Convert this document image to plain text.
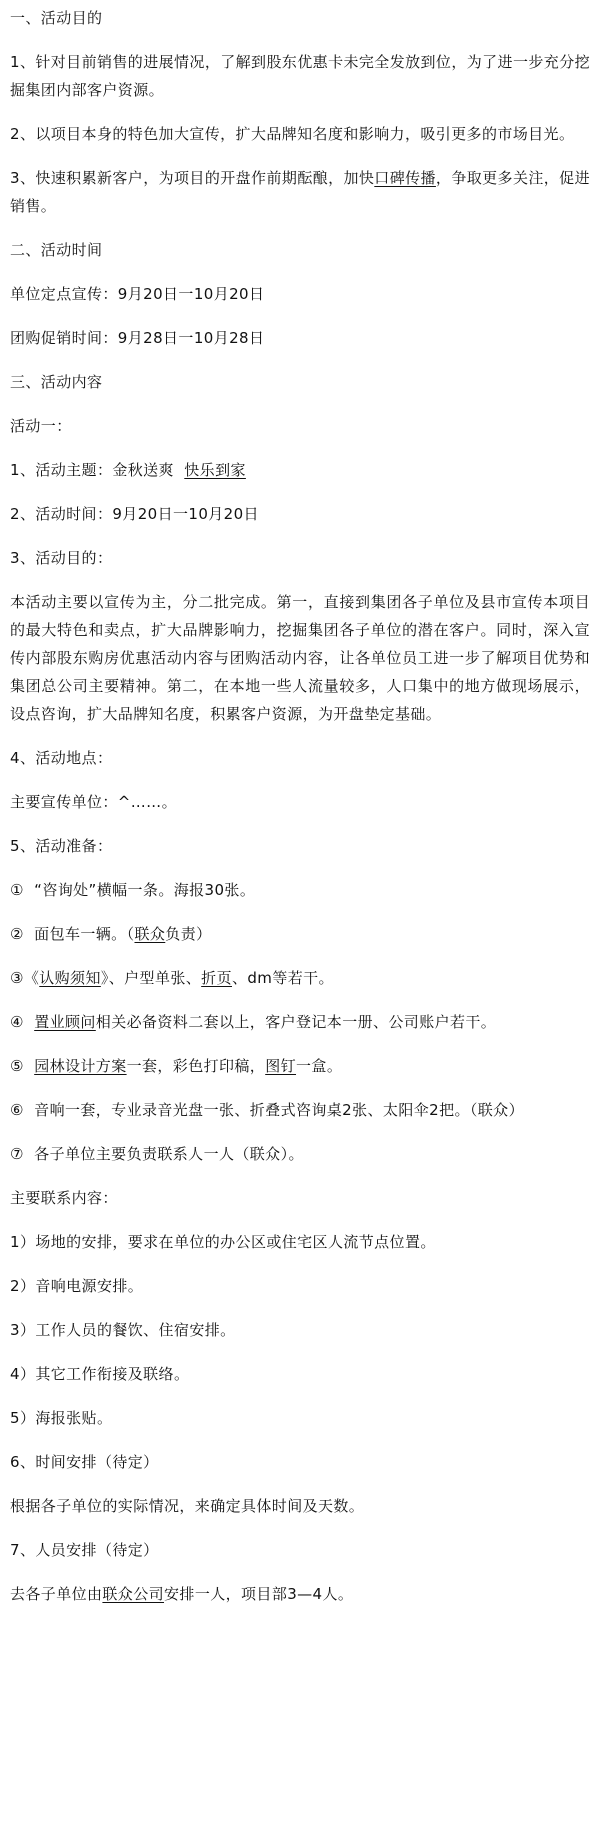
一、活动目的

1、针对目前销售的进展情况，了解到股东优惠卡未完全发放到位，为了进一步充分挖掘集团内部客户资源。

2、以项目本身的特色加大宣传，扩大品牌知名度和影响力，吸引更多的市场目光。

3、快速积累新客户，为项目的开盘作前期酝酿，加快口碑传播，争取更多关注，促进销售。

二、活动时间

单位定点宣传：9月20日一10月20日

团购促销时间：9月28日一10月28日

三、活动内容

活动一：

1、活动主题：金秋送爽  快乐到家

2、活动时间：9月20日一10月20日

3、活动目的：

本活动主要以宣传为主，分二批完成。第一，直接到集团各子单位及县市宣传本项目的最大特色和卖点，扩大品牌影响力，挖掘集团各子单位的潜在客户。同时，深入宣传内部股东购房优惠活动内容与团购活动内容，让各单位员工进一步了解项目优势和集团总公司主要精神。第二，在本地一些人流量较多，人口集中的地方做现场展示，设点咨询，扩大品牌知名度，积累客户资源，为开盘垫定基础。

4、活动地点：

主要宣传单位：^……。

5、活动准备：

①  “咨询处”横幅一条。海报30张。

②  面包车一辆。（联众负责）

③《认购须知》、户型单张、折页、dm等若干。

④  置业顾问相关必备资料二套以上，客户登记本一册、公司账户若干。

⑤  园林设计方案一套，彩色打印稿，图钉一盒。

⑥  音响一套，专业录音光盘一张、折叠式咨询桌2张、太阳伞2把。（联众）

⑦  各子单位主要负责联系人一人（联众）。

主要联系内容：

1）场地的安排，要求在单位的办公区或住宅区人流节点位置。

2）音响电源安排。

3）工作人员的餐饮、住宿安排。

4）其它工作衔接及联络。

5）海报张贴。

6、时间安排（待定）

根据各子单位的实际情况，来确定具体时间及天数。

7、人员安排（待定）

去各子单位由联众公司安排一人，项目部3—4人。
